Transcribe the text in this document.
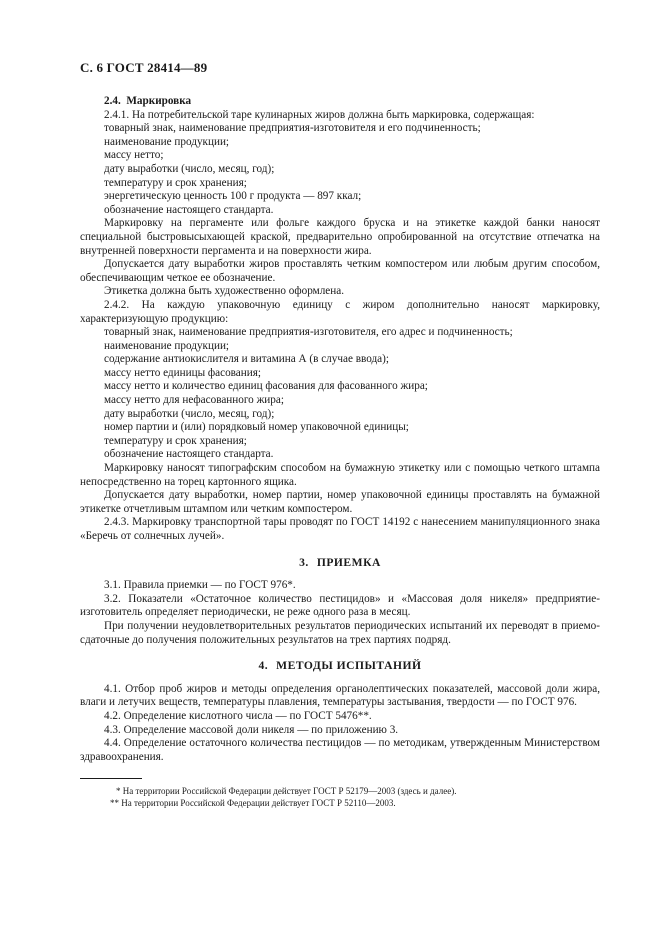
С. 6 ГОСТ 28414—89

2.4. Маркировка

2.4.1. На потребительской таре кулинарных жиров должна быть маркировка, содержащая:

товарный знак, наименование предприятия-изготовителя и его подчиненность;

наименование продукции;

массу нетто;

дату выработки (число, месяц, год);

температуру и срок хранения;

энергетическую ценность 100 г продукта — 897 ккал;

обозначение настоящего стандарта.

Маркировку на пергаменте или фольге каждого бруска и на этикетке каждой банки наносят специальной быстровысыхающей краской, предварительно опробированной на отсутствие отпечатка на внутренней поверхности пергамента и на поверхности жира.

Допускается дату выработки жиров проставлять четким компостером или любым другим способом, обеспечивающим четкое ее обозначение.

Этикетка должна быть художественно оформлена.

2.4.2. На каждую упаковочную единицу с жиром дополнительно наносят маркировку, характеризующую продукцию:

товарный знак, наименование предприятия-изготовителя, его адрес и подчиненность;

наименование продукции;

содержание антиокислителя и витамина А (в случае ввода);

массу нетто единицы фасования;

массу нетто и количество единиц фасования для фасованного жира;

массу нетто для нефасованного жира;

дату выработки (число, месяц, год);

номер партии и (или) порядковый номер упаковочной единицы;

температуру и срок хранения;

обозначение настоящего стандарта.

Маркировку наносят типографским способом на бумажную этикетку или с помощью четкого штампа непосредственно на торец картонного ящика.

Допускается дату выработки, номер партии, номер упаковочной единицы проставлять на бумажной этикетке отчетливым штампом или четким компостером.

2.4.3. Маркировку транспортной тары проводят по ГОСТ 14192 с нанесением манипуляционного знака «Беречь от солнечных лучей».

3. ПРИЕМКА

3.1. Правила приемки — по ГОСТ 976*.

3.2. Показатели «Остаточное количество пестицидов» и «Массовая доля никеля» предприятие-изготовитель определяет периодически, не реже одного раза в месяц.

При получении неудовлетворительных результатов периодических испытаний их переводят в приемо-сдаточные до получения положительных результатов на трех партиях подряд.

4. МЕТОДЫ ИСПЫТАНИЙ

4.1. Отбор проб жиров и методы определения органолептических показателей, массовой доли жира, влаги и летучих веществ, температуры плавления, температуры застывания, твердости — по ГОСТ 976.

4.2. Определение кислотного числа — по ГОСТ 5476**.

4.3. Определение массовой доли никеля — по приложению 3.

4.4. Определение остаточного количества пестицидов — по методикам, утвержденным Министерством здравоохранения.

* На территории Российской Федерации действует ГОСТ Р 52179—2003 (здесь и далее).

** На территории Российской Федерации действует ГОСТ Р 52110—2003.
